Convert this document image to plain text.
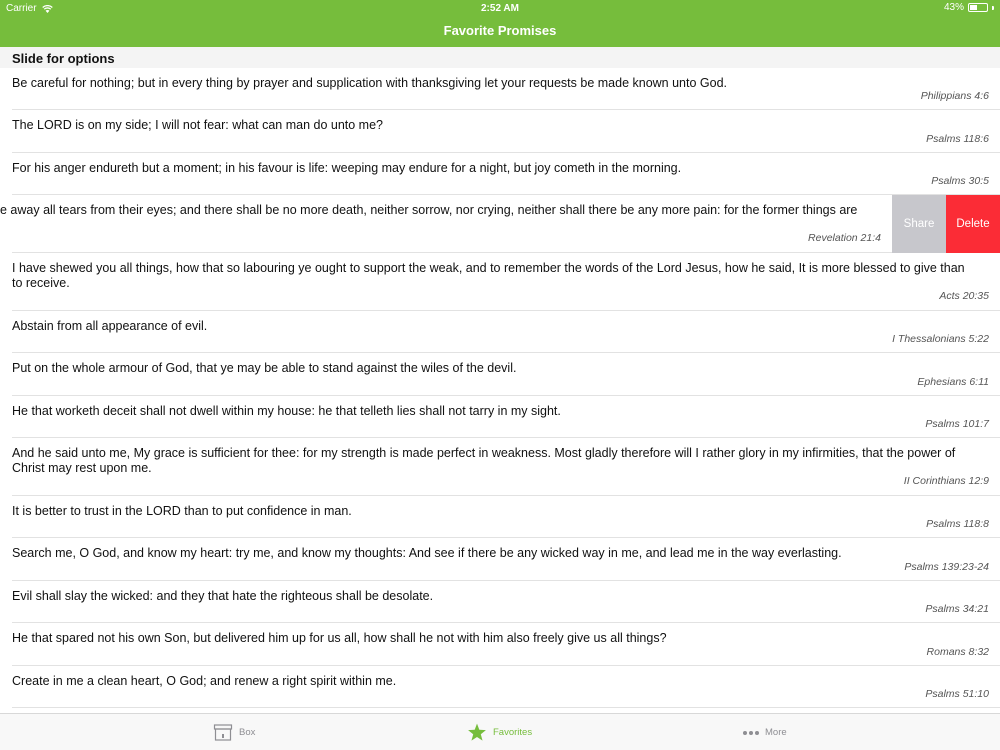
Carrier	2:52 AM	43%
Favorite Promises
Slide for options
Be careful for nothing; but in every thing by prayer and supplication with thanksgiving let your requests be made known unto God.
Philippians 4:6
The LORD is on my side; I will not fear: what can man do unto me?
Psalms 118:6
For his anger endureth but a moment; in his favour is life: weeping may endure for a night, but joy cometh in the morning.
Psalms 30:5
e away all tears from their eyes; and there shall be no more death, neither sorrow, nor crying, neither shall there be any more pain: for the former things are
Revelation 21:4
Share	Delete
I have shewed you all things, how that so labouring ye ought to support the weak, and to remember the words of the Lord Jesus, how he said, It is more blessed to give than to receive.
Acts 20:35
Abstain from all appearance of evil.
I Thessalonians 5:22
Put on the whole armour of God, that ye may be able to stand against the wiles of the devil.
Ephesians 6:11
He that worketh deceit shall not dwell within my house: he that telleth lies shall not tarry in my sight.
Psalms 101:7
And he said unto me, My grace is sufficient for thee: for my strength is made perfect in weakness. Most gladly therefore will I rather glory in my infirmities, that the power of Christ may rest upon me.
II Corinthians 12:9
It is better to trust in the LORD than to put confidence in man.
Psalms 118:8
Search me, O God, and know my heart: try me, and know my thoughts: And see if there be any wicked way in me, and lead me in the way everlasting.
Psalms 139:23-24
Evil shall slay the wicked: and they that hate the righteous shall be desolate.
Psalms 34:21
He that spared not his own Son, but delivered him up for us all, how shall he not with him also freely give us all things?
Romans 8:32
Create in me a clean heart, O God; and renew a right spirit within me.
Psalms 51:10
Box	Favorites	More
